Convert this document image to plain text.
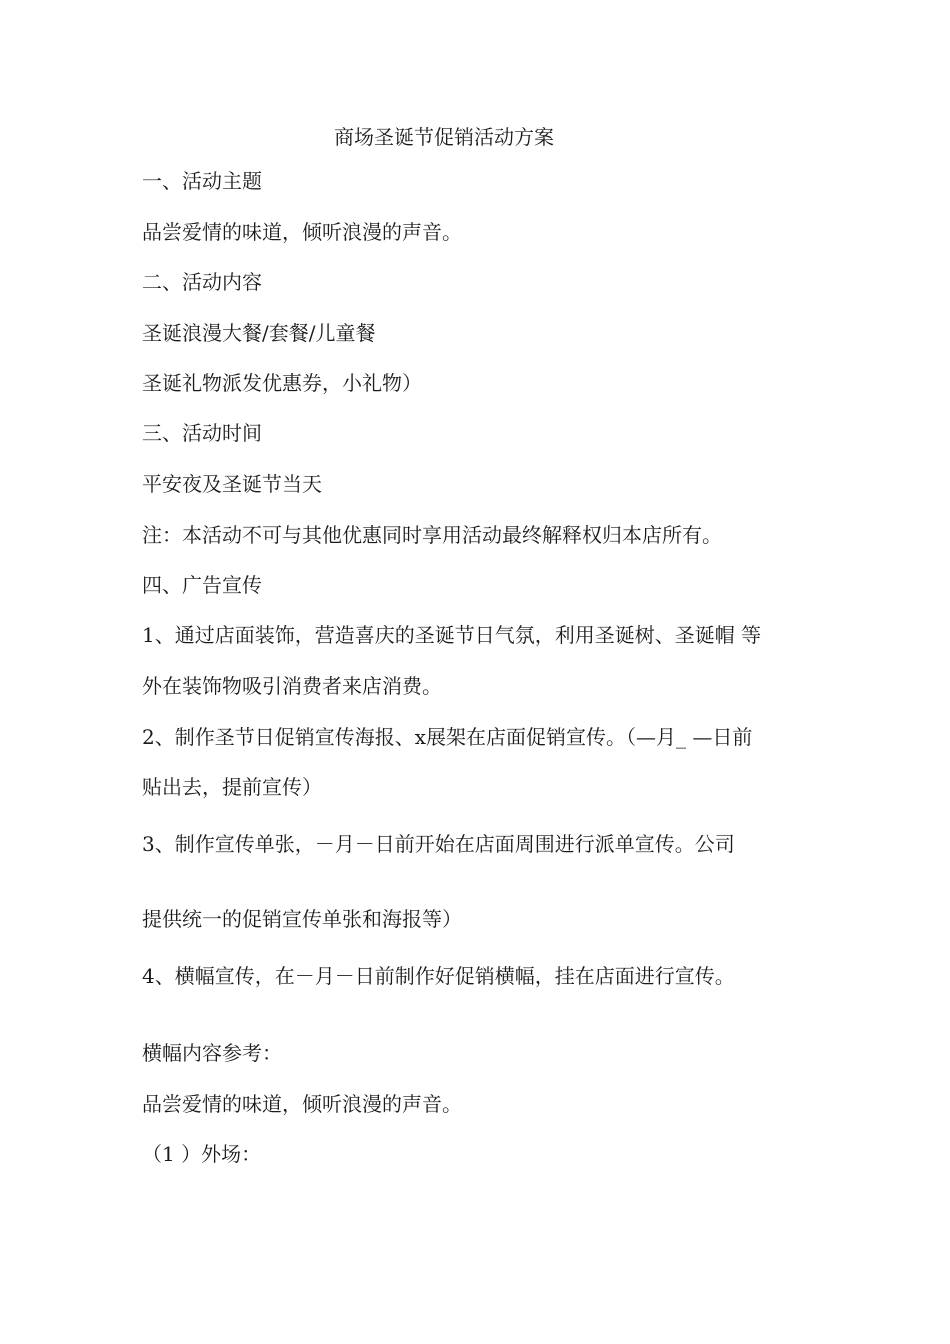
商场圣诞节促销活动方案

一、活动主题

品尝爱情的味道，倾听浪漫的声音。

二、活动内容

圣诞浪漫大餐/套餐/儿童餐

圣诞礼物派发优惠券，小礼物）

三、活动时间

平安夜及圣诞节当天

注：本活动不可与其他优惠同时享用活动最终解释权归本店所有。

四、广告宣传

1、通过店面装饰，营造喜庆的圣诞节日气氛，利用圣诞树、圣诞帽 等

外在装饰物吸引消费者来店消费。

2、制作圣节日促销宣传海报、x展架在店面促销宣传。（—月_ —日前

贴出去，提前宣传）

3、制作宣传单张，－月－日前开始在店面周围进行派单宣传。公司

提供统一的促销宣传单张和海报等）

4、横幅宣传，在－月－日前制作好促销横幅，挂在店面进行宣传。

横幅内容参考：

品尝爱情的味道，倾听浪漫的声音。

（1 ）外场：
